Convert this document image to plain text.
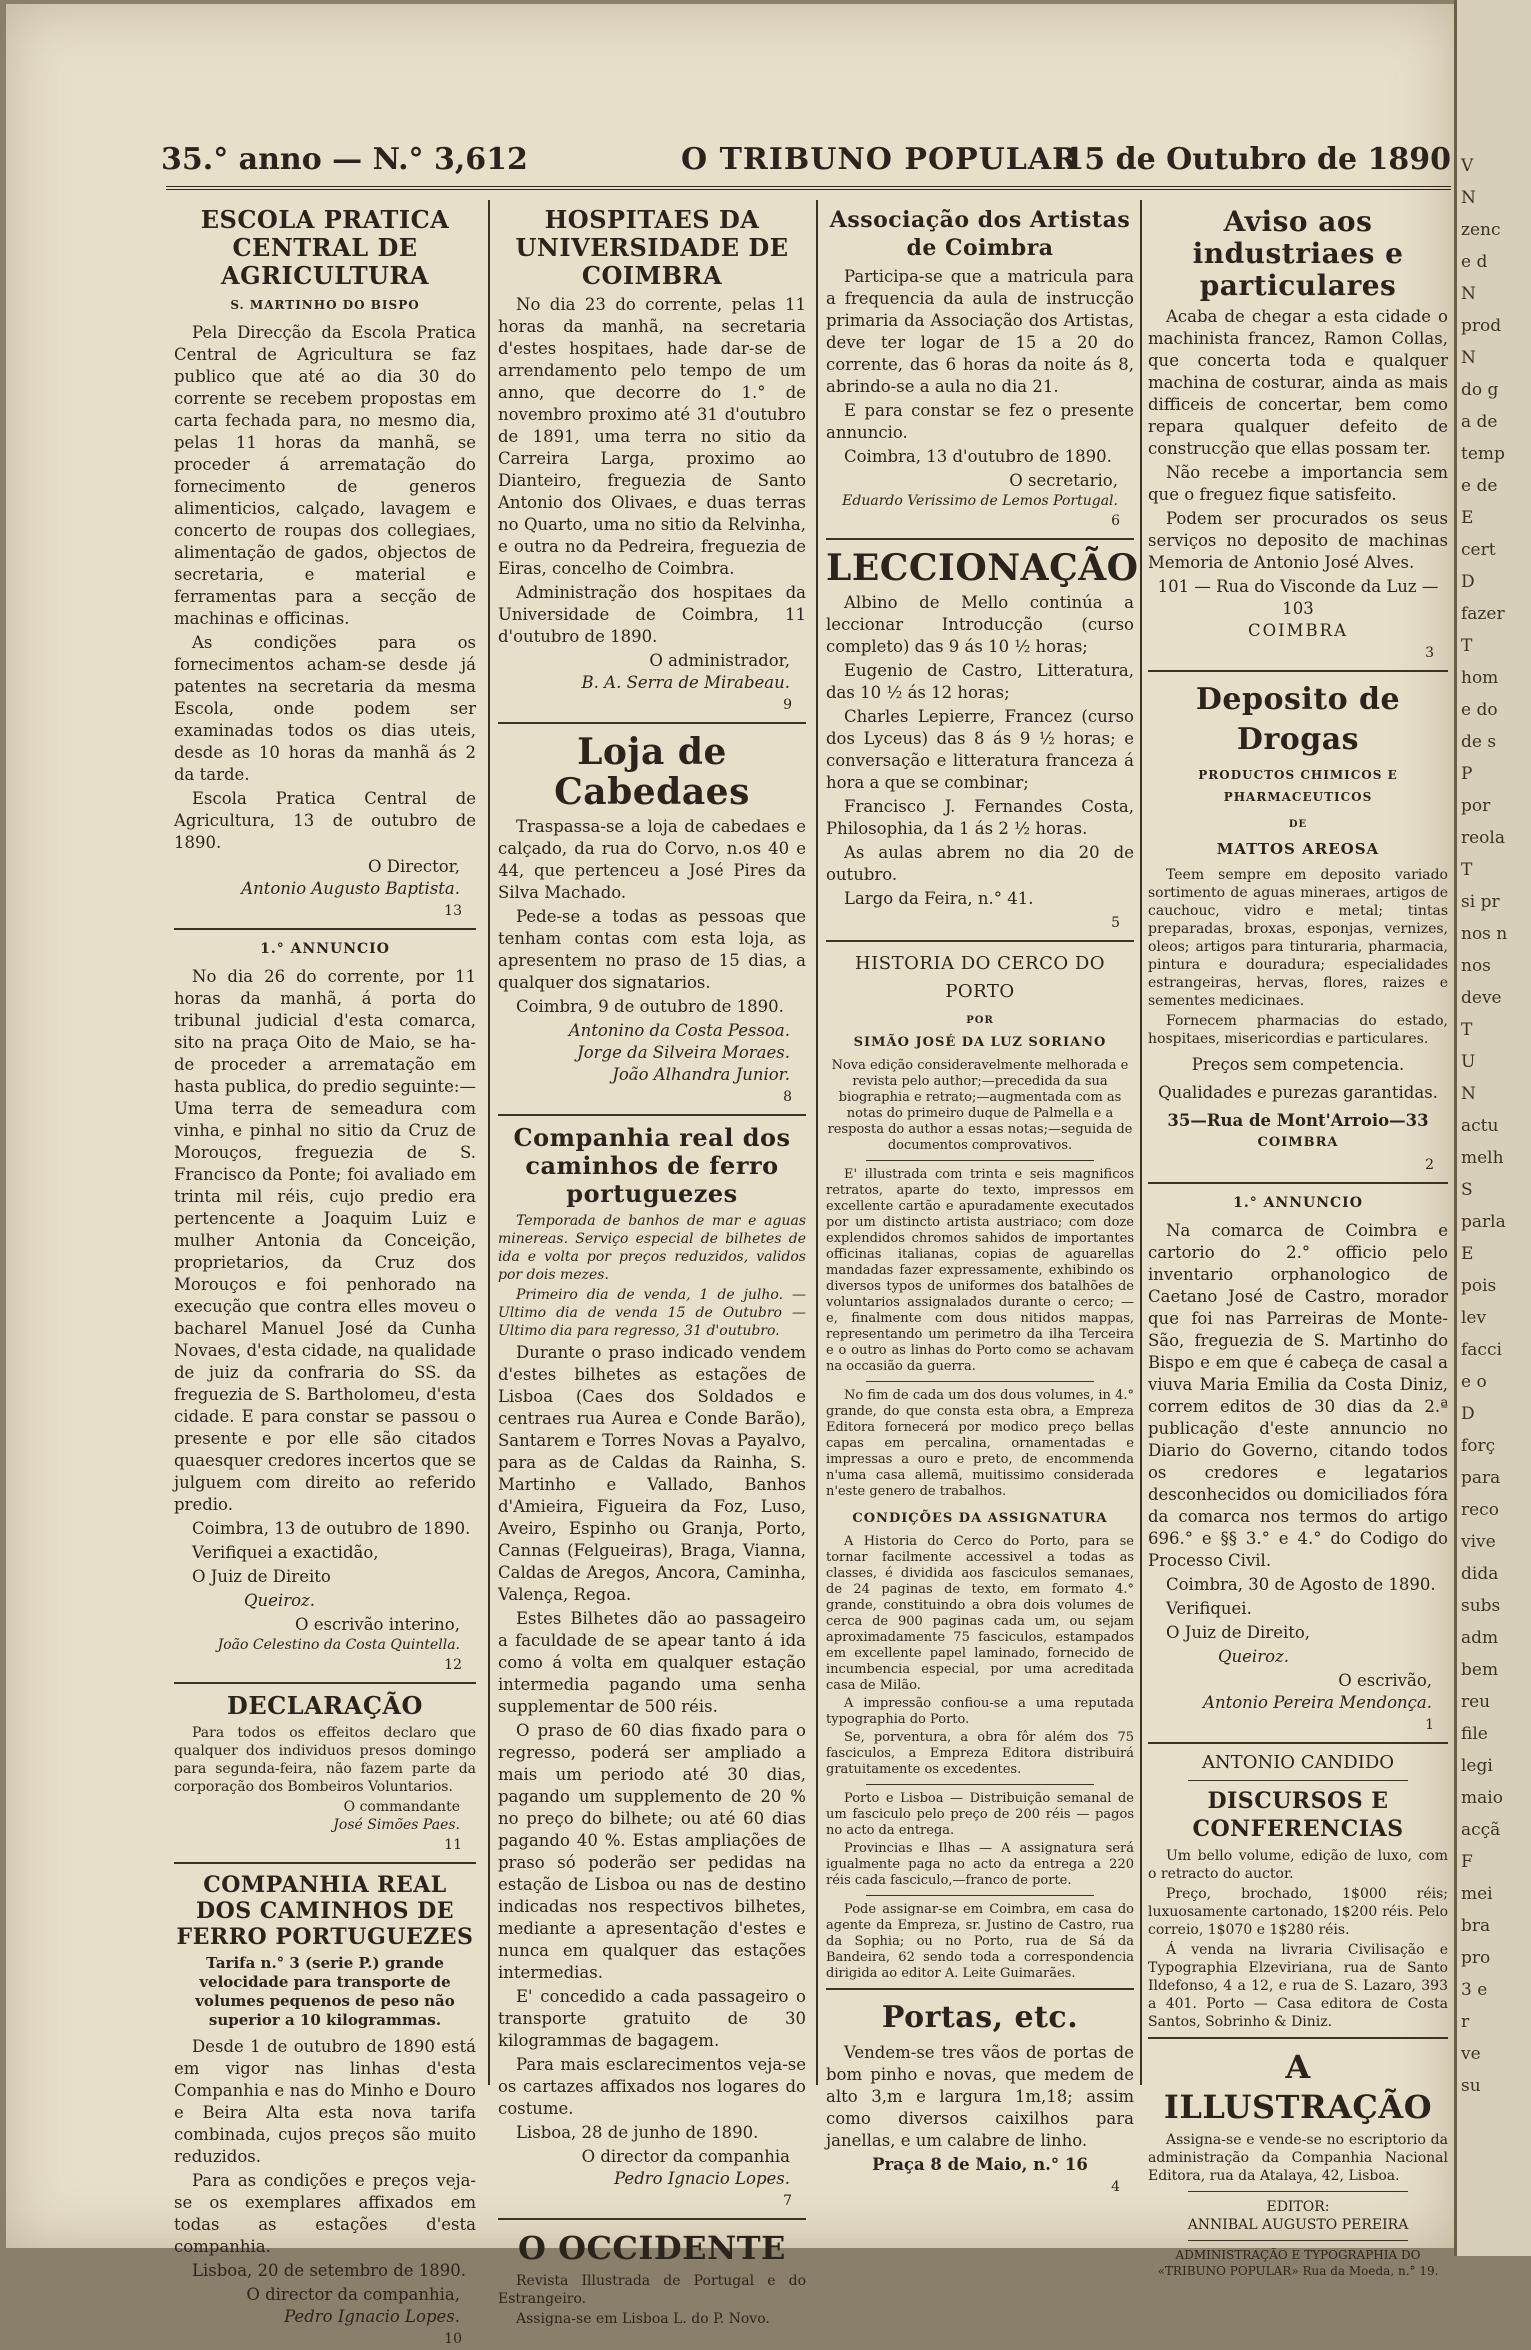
35.° anno — N.° 3,612	O TRIBUNO POPULAR
15 de Outubro de 1890
ESCOLA PRATICA CENTRAL DE AGRICULTURA
S. MARTINHO DO BISPO

Pela Direcção da Escola Pratica Central de Agricultura se faz publico que até ao dia 30 do corrente se recebem propostas em carta fechada para, no mesmo dia, pelas 11 horas da manhã, se proceder á arrematação do fornecimento de generos alimenticios, calçado, lavagem e concerto de roupas dos collegiaes, alimentação de gados, objectos de secretaria, e material e ferramentas para a secção de machinas e officinas.

As condições para os fornecimentos acham-se desde já patentes na secretaria da mesma Escola, onde podem ser examinadas todos os dias uteis, desde as 10 horas da manhã ás 2 da tarde.

Escola Pratica Central de Agricultura, 13 de outubro de 1890.

O Director,
Antonio Augusto Baptista.
13
1.° ANNUNCIO

No dia 26 do corrente, por 11 horas da manhã, á porta do tribunal judicial d'esta comarca, sito na praça Oito de Maio, se ha-de proceder a arrematação em hasta publica, do predio seguinte:— Uma terra de semeadura com vinha, e pinhal no sitio da Cruz de Morouços, freguezia de S. Francisco da Ponte; foi avaliado em trinta mil réis, cujo predio era pertencente a Joaquim Luiz e mulher Antonia da Conceição, proprietarios, da Cruz dos Morouços e foi penhorado na execução que contra elles moveu o bacharel Manuel José da Cunha Novaes, d'esta cidade, na qualidade de juiz da confraria do SS. da freguezia de S. Bartholomeu, d'esta cidade. E para constar se passou o presente e por elle são citados quaesquer credores incertos que se julguem com direito ao referido predio.

Coimbra, 13 de outubro de 1890.

Verifiquei a exactidão,

O Juiz de Direito

Queiroz.

O escrivão interino,
João Celestino da Costa Quintella.
12
DECLARAÇÃO

Para todos os effeitos declaro que qualquer dos individuos presos domingo para segunda-feira, não fazem parte da corporação dos Bombeiros Voluntarios.

O commandante
José Simões Paes.
11
COMPANHIA REAL DOS CAMINHOS DE FERRO PORTUGUEZES
Tarifa n.° 3 (serie P.) grande velocidade para transporte de volumes pequenos de peso não superior a 10 kilogrammas.

Desde 1 de outubro de 1890 está em vigor nas linhas d'esta Companhia e nas do Minho e Douro e Beira Alta esta nova tarifa combinada, cujos preços são muito reduzidos.

Para as condições e preços veja-se os exemplares affixados em todas as estações d'esta companhia.

Lisboa, 20 de setembro de 1890.

O director da companhia,
Pedro Ignacio Lopes.
10
HOSPITAES DA UNIVERSIDADE DE COIMBRA

No dia 23 do corrente, pelas 11 horas da manhã, na secretaria d'estes hospitaes, hade dar-se de arrendamento pelo tempo de um anno, que decorre do 1.° de novembro proximo até 31 d'outubro de 1891, uma terra no sitio da Carreira Larga, proximo ao Dianteiro, freguezia de Santo Antonio dos Olivaes, e duas terras no Quarto, uma no sitio da Relvinha, e outra no da Pedreira, freguezia de Eiras, concelho de Coimbra.

Administração dos hospitaes da Universidade de Coimbra, 11 d'outubro de 1890.

O administrador,
B. A. Serra de Mirabeau.
9
Loja de Cabedaes

Traspassa-se a loja de cabedaes e calçado, da rua do Corvo, n.os 40 e 44, que pertenceu a José Pires da Silva Machado.

Pede-se a todas as pessoas que tenham contas com esta loja, as apresentem no praso de 15 dias, a qualquer dos signatarios.

Coimbra, 9 de outubro de 1890.

Antonino da Costa Pessoa.
Jorge da Silveira Moraes.
João Alhandra Junior.
8
Companhia real dos caminhos de ferro portuguezes

Temporada de banhos de mar e aguas minereas. Serviço especial de bilhetes de ida e volta por preços reduzidos, validos por dois mezes.

Primeiro dia de venda, 1 de julho. — Ultimo dia de venda 15 de Outubro —Ultimo dia para regresso, 31 d'outubro.

Durante o praso indicado vendem d'estes bilhetes as estações de Lisboa (Caes dos Soldados e centraes rua Aurea e Conde Barão), Santarem e Torres Novas a Payalvo, para as de Caldas da Rainha, S. Martinho e Vallado, Banhos d'Amieira, Figueira da Foz, Luso, Aveiro, Espinho ou Granja, Porto, Cannas (Felgueiras), Braga, Vianna, Caldas de Aregos, Ancora, Caminha, Valença, Regoa.

Estes Bilhetes dão ao passageiro a faculdade de se apear tanto á ida como á volta em qualquer estação intermedia pagando uma senha supplementar de 500 réis.

O praso de 60 dias fixado para o regresso, poderá ser ampliado a mais um periodo até 30 dias, pagando um supplemento de 20 % no preço do bilhete; ou até 60 dias pagando 40 %. Estas ampliações de praso só poderão ser pedidas na estação de Lisboa ou nas de destino indicadas nos respectivos bilhetes, mediante a apresentação d'estes e nunca em qualquer das estações intermedias.

E' concedido a cada passageiro o transporte gratuito de 30 kilogrammas de bagagem.

Para mais esclarecimentos veja-se os cartazes affixados nos logares do costume.

Lisboa, 28 de junho de 1890.

O director da companhia
Pedro Ignacio Lopes.
7
O OCCIDENTE

Revista Illustrada de Portugal e do Estrangeiro.

Assigna-se em Lisboa L. do P. Novo.

Associação dos Artistas de Coimbra

Participa-se que a matricula para a frequencia da aula de instrucção primaria da Associação dos Artistas, deve ter logar de 15 a 20 do corrente, das 6 horas da noite ás 8, abrindo-se a aula no dia 21.

E para constar se fez o presente annuncio.

Coimbra, 13 d'outubro de 1890.

O secretario,
Eduardo Verissimo de Lemos Portugal.
6
LECCIONAÇÃO

Albino de Mello continúa a leccionar Introducção (curso completo) das 9 ás 10 ½ horas;

Eugenio de Castro, Litteratura, das 10 ½ ás 12 horas;

Charles Lepierre, Francez (curso dos Lyceus) das 8 ás 9 ½ horas; e conversação e litteratura franceza á hora a que se combinar;

Francisco J. Fernandes Costa, Philosophia, da 1 ás 2 ½ horas.

As aulas abrem no dia 20 de outubro.

Largo da Feira, n.° 41.

5
HISTORIA DO CERCO DO PORTO
POR
SIMÃO JOSÉ DA LUZ SORIANO

Nova edição consideravelmente melhorada e revista pelo author;—precedida da sua biographia e retrato;—augmentada com as notas do primeiro duque de Palmella e a resposta do author a essas notas;—seguida de documentos comprovativos.

E' illustrada com trinta e seis magnificos retratos, aparte do texto, impressos em excellente cartão e apuradamente executados por um distincto artista austriaco; com doze explendidos chromos sahidos de importantes officinas italianas, copias de aguarellas mandadas fazer expressamente, exhibindo os diversos typos de uniformes dos batalhões de voluntarios assignalados durante o cerco; — e, finalmente com dous nitidos mappas, representando um perimetro da ilha Terceira e o outro as linhas do Porto como se achavam na occasião da guerra.

No fim de cada um dos dous volumes, in 4.° grande, do que consta esta obra, a Empreza Editora fornecerá por modico preço bellas capas em percalina, ornamentadas e impressas a ouro e preto, de encommenda n'uma casa allemã, muitissimo considerada n'este genero de trabalhos.

CONDIÇÕES DA ASSIGNATURA

A Historia do Cerco do Porto, para se tornar facilmente accessivel a todas as classes, é dividida aos fasciculos semanaes, de 24 paginas de texto, em formato 4.° grande, constituindo a obra dois volumes de cerca de 900 paginas cada um, ou sejam aproximadamente 75 fasciculos, estampados em excellente papel laminado, fornecido de incumbencia especial, por uma acreditada casa de Milão.

A impressão confiou-se a uma reputada typographia do Porto.

Se, porventura, a obra fôr além dos 75 fasciculos, a Empreza Editora distribuirá gratuitamente os excedentes.

Porto e Lisboa — Distribuição semanal de um fasciculo pelo preço de 200 réis — pagos no acto da entrega.

Provincias e Ilhas — A assignatura será igualmente paga no acto da entrega a 220 réis cada fasciculo,—franco de porte.

Pode assignar-se em Coimbra, em casa do agente da Empreza, sr. Justino de Castro, rua da Sophia; ou no Porto, rua de Sá da Bandeira, 62 sendo toda a correspondencia dirigida ao editor A. Leite Guimarães.

Portas, etc.

Vendem-se tres vãos de portas de bom pinho e novas, que medem de alto 3,m e largura 1m,18; assim como diversos caixilhos para janellas, e um calabre de linho.

Praça 8 de Maio, n.° 16
4
Aviso aos industriaes e particulares

Acaba de chegar a esta cidade o machinista francez, Ramon Collas, que concerta toda e qualquer machina de costurar, ainda as mais difficeis de concertar, bem como repara qualquer defeito de construcção que ellas possam ter.

Não recebe a importancia sem que o freguez fique satisfeito.

Podem ser procurados os seus serviços no deposito de machinas Memoria de Antonio José Alves.

101 — Rua do Visconde da Luz — 103
COIMBRA
3
Deposito de Drogas
PRODUCTOS CHIMICOS E PHARMACEUTICOS
DE
MATTOS AREOSA

Teem sempre em deposito variado sortimento de aguas mineraes, artigos de cauchouc, vidro e metal; tintas preparadas, broxas, esponjas, vernizes, oleos; artigos para tinturaria, pharmacia, pintura e douradura; especialidades estrangeiras, hervas, flores, raizes e sementes medicinaes.

Fornecem pharmacias do estado, hospitaes, misericordias e particulares.

Preços sem competencia.

Qualidades e purezas garantidas.

35—Rua de Mont'Arroio—33
COIMBRA
2
1.° ANNUNCIO

Na comarca de Coimbra e cartorio do 2.° officio pelo inventario orphanologico de Caetano José de Castro, morador que foi nas Parreiras de Monte-São, freguezia de S. Martinho do Bispo e em que é cabeça de casal a viuva Maria Emilia da Costa Diniz, correm editos de 30 dias da 2.ª publicação d'este annuncio no Diario do Governo, citando todos os credores e legatarios desconhecidos ou domiciliados fóra da comarca nos termos do artigo 696.° e §§ 3.° e 4.° do Codigo do Processo Civil.

Coimbra, 30 de Agosto de 1890.

Verifiquei.

O Juiz de Direito,

Queiroz.

O escrivão,
Antonio Pereira Mendonça.
1
ANTONIO CANDIDO
DISCURSOS E CONFERENCIAS

Um bello volume, edição de luxo, com o retracto do auctor.

Preço, brochado, 1$000 réis; luxuosamente cartonado, 1$200 réis. Pelo correio, 1$070 e 1$280 réis.

Á venda na livraria Civilisação e Typographia Elzeviriana, rua de Santo Ildefonso, 4 a 12, e rua de S. Lazaro, 393 a 401. Porto — Casa editora de Costa Santos, Sobrinho & Diniz.

A ILLUSTRAÇÃO

Assigna-se e vende-se no escriptorio da administração da Companhia Nacional Editora, rua da Atalaya, 42, Lisboa.

EDITOR:
ANNIBAL AUGUSTO PEREIRA
ADMINISTRAÇÃO E TYPOGRAPHIA DO «TRIBUNO POPULAR» Rua da Moeda, n.° 19.
V
N
zenc
e d
N
prod
N
do g
a de
temp
e de
E
cert
D
fazer
T
hom
e do
de s
P
por
reola
T
si pr
nos n
nos
deve
T
U
N
actu
melh
S
parla
E
pois
lev
facci
e o
D
forç
para
reco
vive
dida
subs
adm
bem
reu
file
legi
maio
acçã
F
mei
bra
pro
3 e
r
ve
su
